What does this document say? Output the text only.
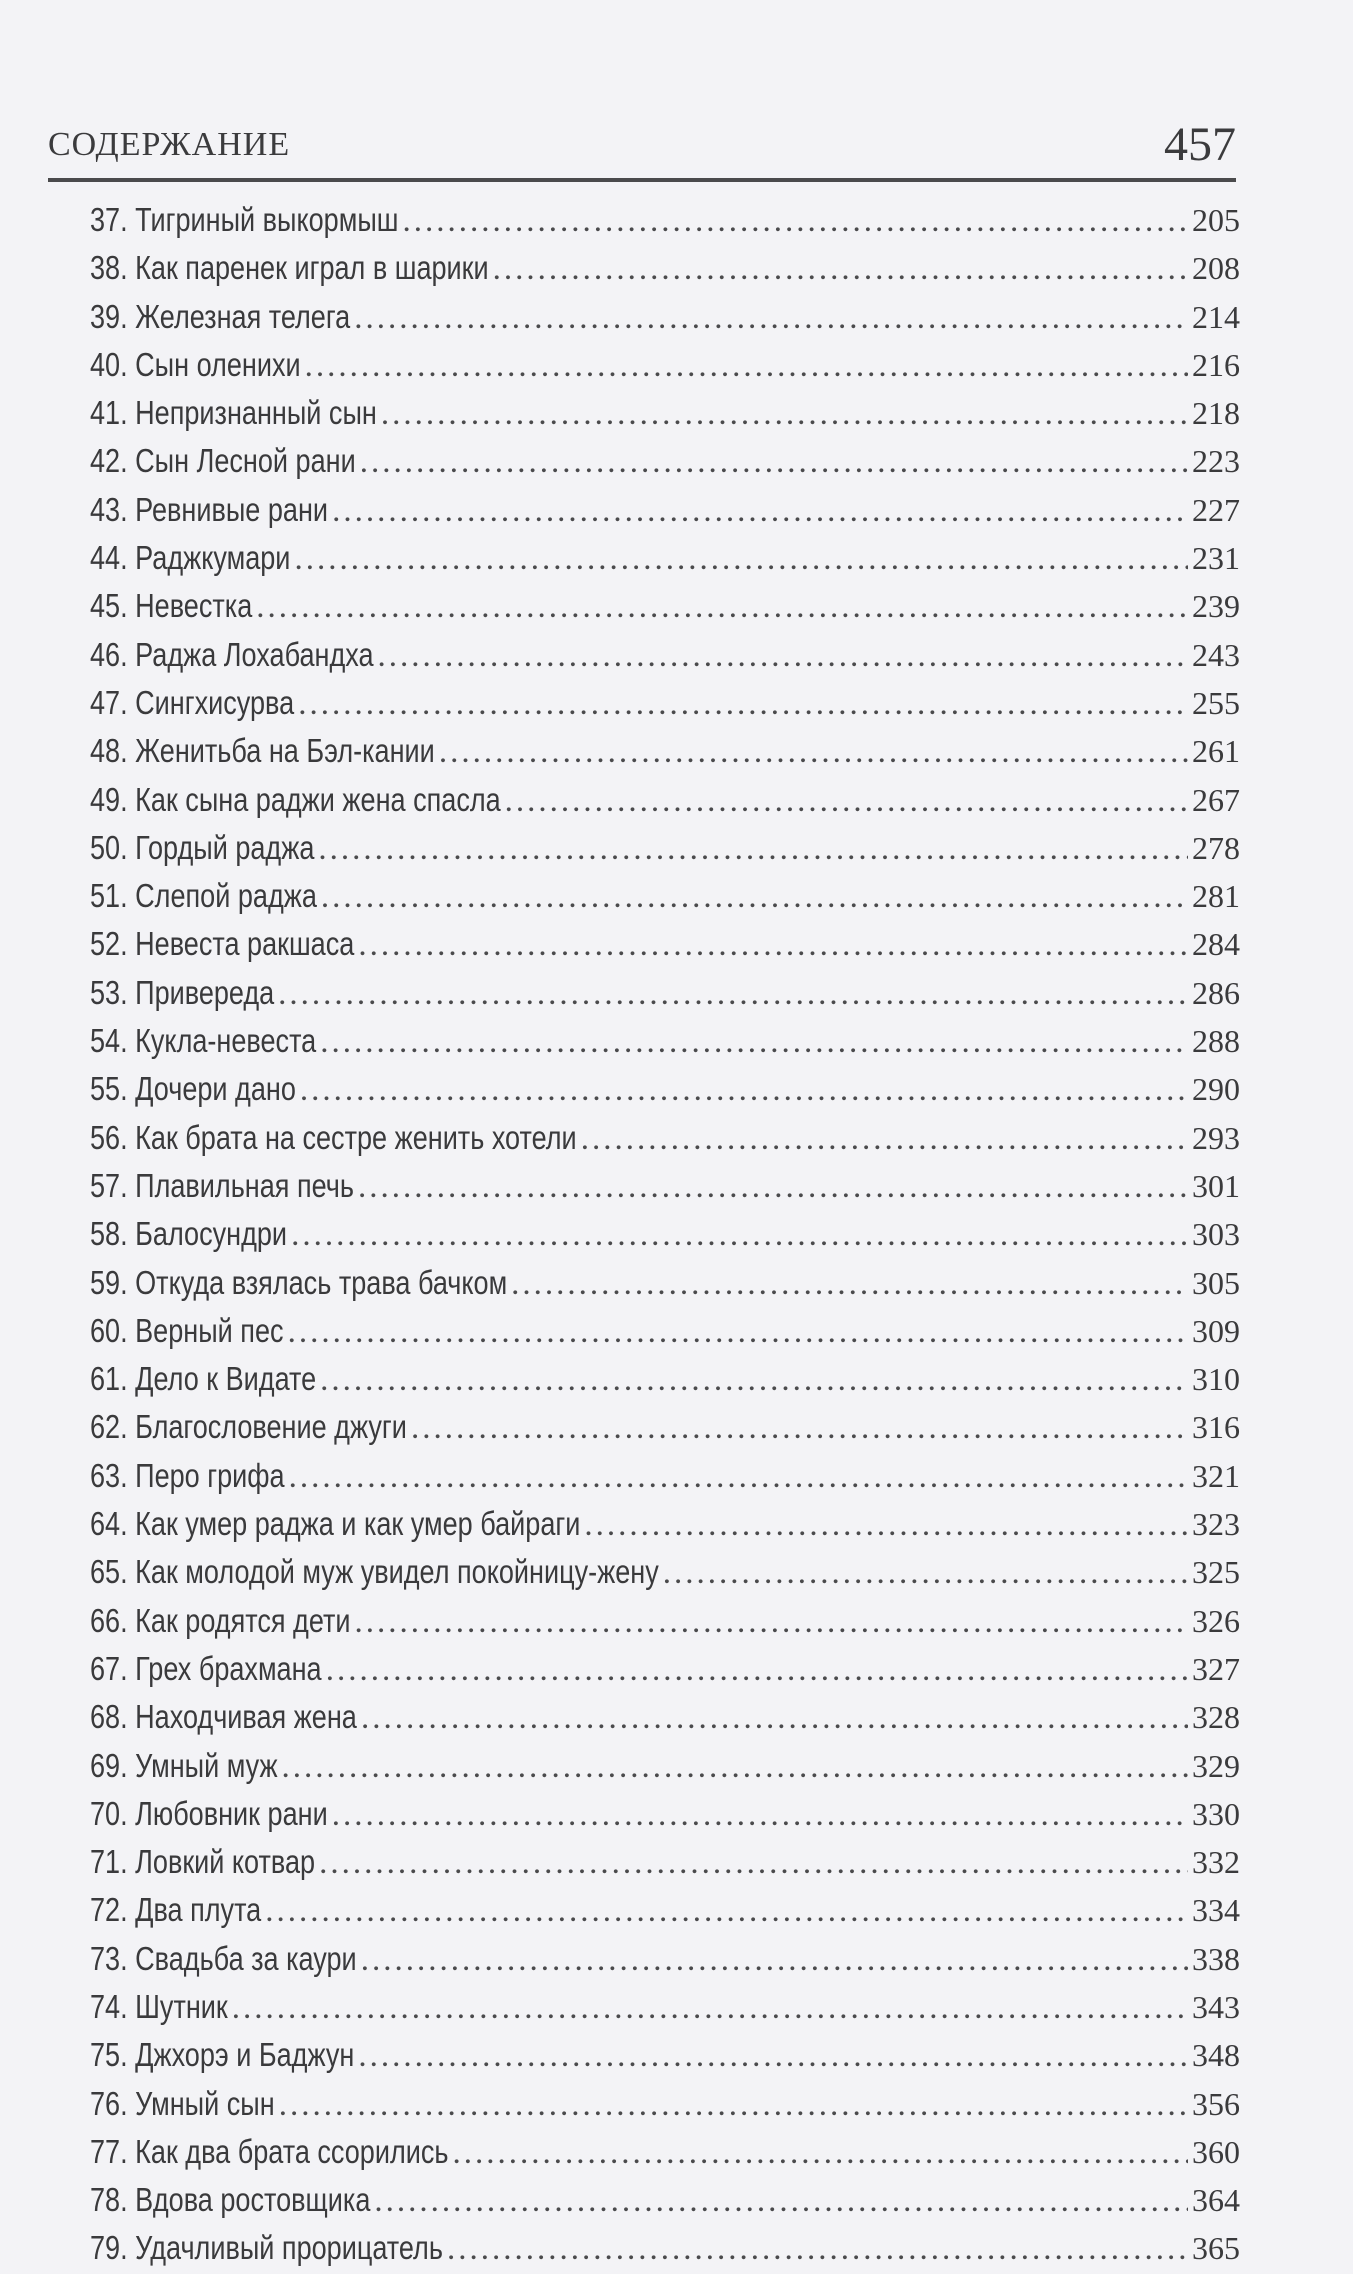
СОДЕРЖАНИЕ	457
37. Тигриный выкормыш .....	205
38. Как паренек играл в шарики .....	208
39. Железная телега .....	214
40. Сын оленихи .....	216
41. Непризнанный сын .....	218
42. Сын Лесной рани .....	223
43. Ревнивые рани .....	227
44. Раджкумари .....	231
45. Невестка .....	239
46. Раджа Лохабандха .....	243
47. Сингхисурва .....	255
48. Женитьба на Бэл-кании .....	261
49. Как сына раджи жена спасла .....	267
50. Гордый раджа .....	278
51. Слепой раджа .....	281
52. Невеста ракшаса .....	284
53. Привереда .....	286
54. Кукла-невеста .....	288
55. Дочери дано .....	290
56. Как брата на сестре женить хотели .....	293
57. Плавильная печь .....	301
58. Балосундри .....	303
59. Откуда взялась трава бачком .....	305
60. Верный пес .....	309
61. Дело к Видате .....	310
62. Благословение джуги .....	316
63. Перо грифа .....	321
64. Как умер раджа и как умер байраги .....	323
65. Как молодой муж увидел покойницу-жену .....	325
66. Как родятся дети .....	326
67. Грех брахмана .....	327
68. Находчивая жена .....	328
69. Умный муж .....	329
70. Любовник рани .....	330
71. Ловкий котвар .....	332
72. Два плута .....	334
73. Свадьба за каури .....	338
74. Шутник .....	343
75. Джхорэ и Баджун .....	348
76. Умный сын .....	356
77. Как два брата ссорились .....	360
78. Вдова ростовщика .....	364
79. Удачливый прорицатель .....	365
